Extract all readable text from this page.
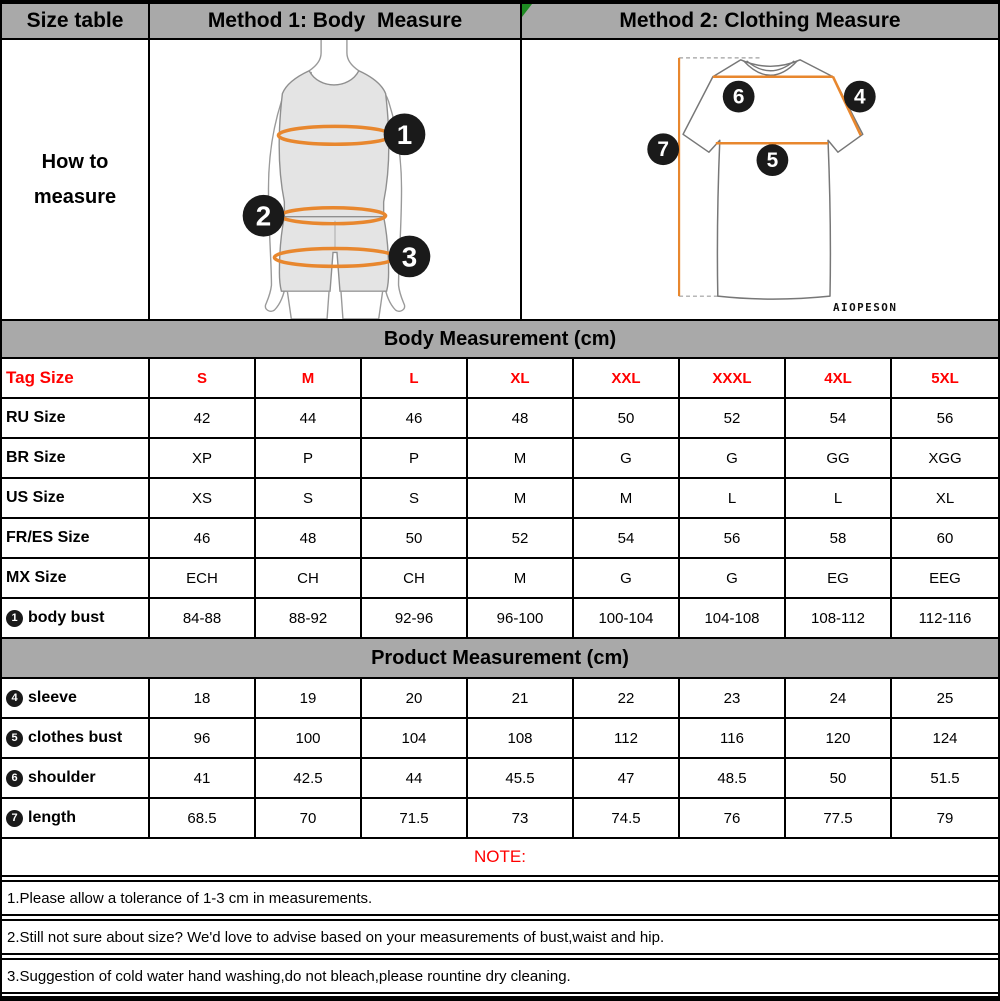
Size table	Method 1: Body  Measure	Method 2: Clothing Measure
How to
measure
1
2
3
6	4
7	5
AIOPESON
Body Measurement (cm)
Tag Size	S	M	L	XL	XXL	XXXL	4XL	5XL
RU Size	42	44	46	48	50	52	54	56
BR Size	XP	P	P	M	G	G	GG	XGG
US Size	XS	S	S	M	M	L	L	XL
FR/ES Size	46	48	50	52	54	56	58	60
MX Size	ECH	CH	CH	M	G	G	EG	EEG
1 body bust	84-88	88-92	92-96	96-100	100-104	104-108	108-112	112-116
Product Measurement (cm)
4 sleeve	18	19	20	21	22	23	24	25
5 clothes bust	96	100	104	108	112	116	120	124
6 shoulder	41	42.5	44	45.5	47	48.5	50	51.5
7 length	68.5	70	71.5	73	74.5	76	77.5	79
NOTE:
1.Please allow a tolerance of 1-3 cm in measurements.
2.Still not sure about size? We'd love to advise based on your measurements of bust,waist and hip.
3.Suggestion of cold water hand washing,do not bleach,please rountine dry cleaning.
